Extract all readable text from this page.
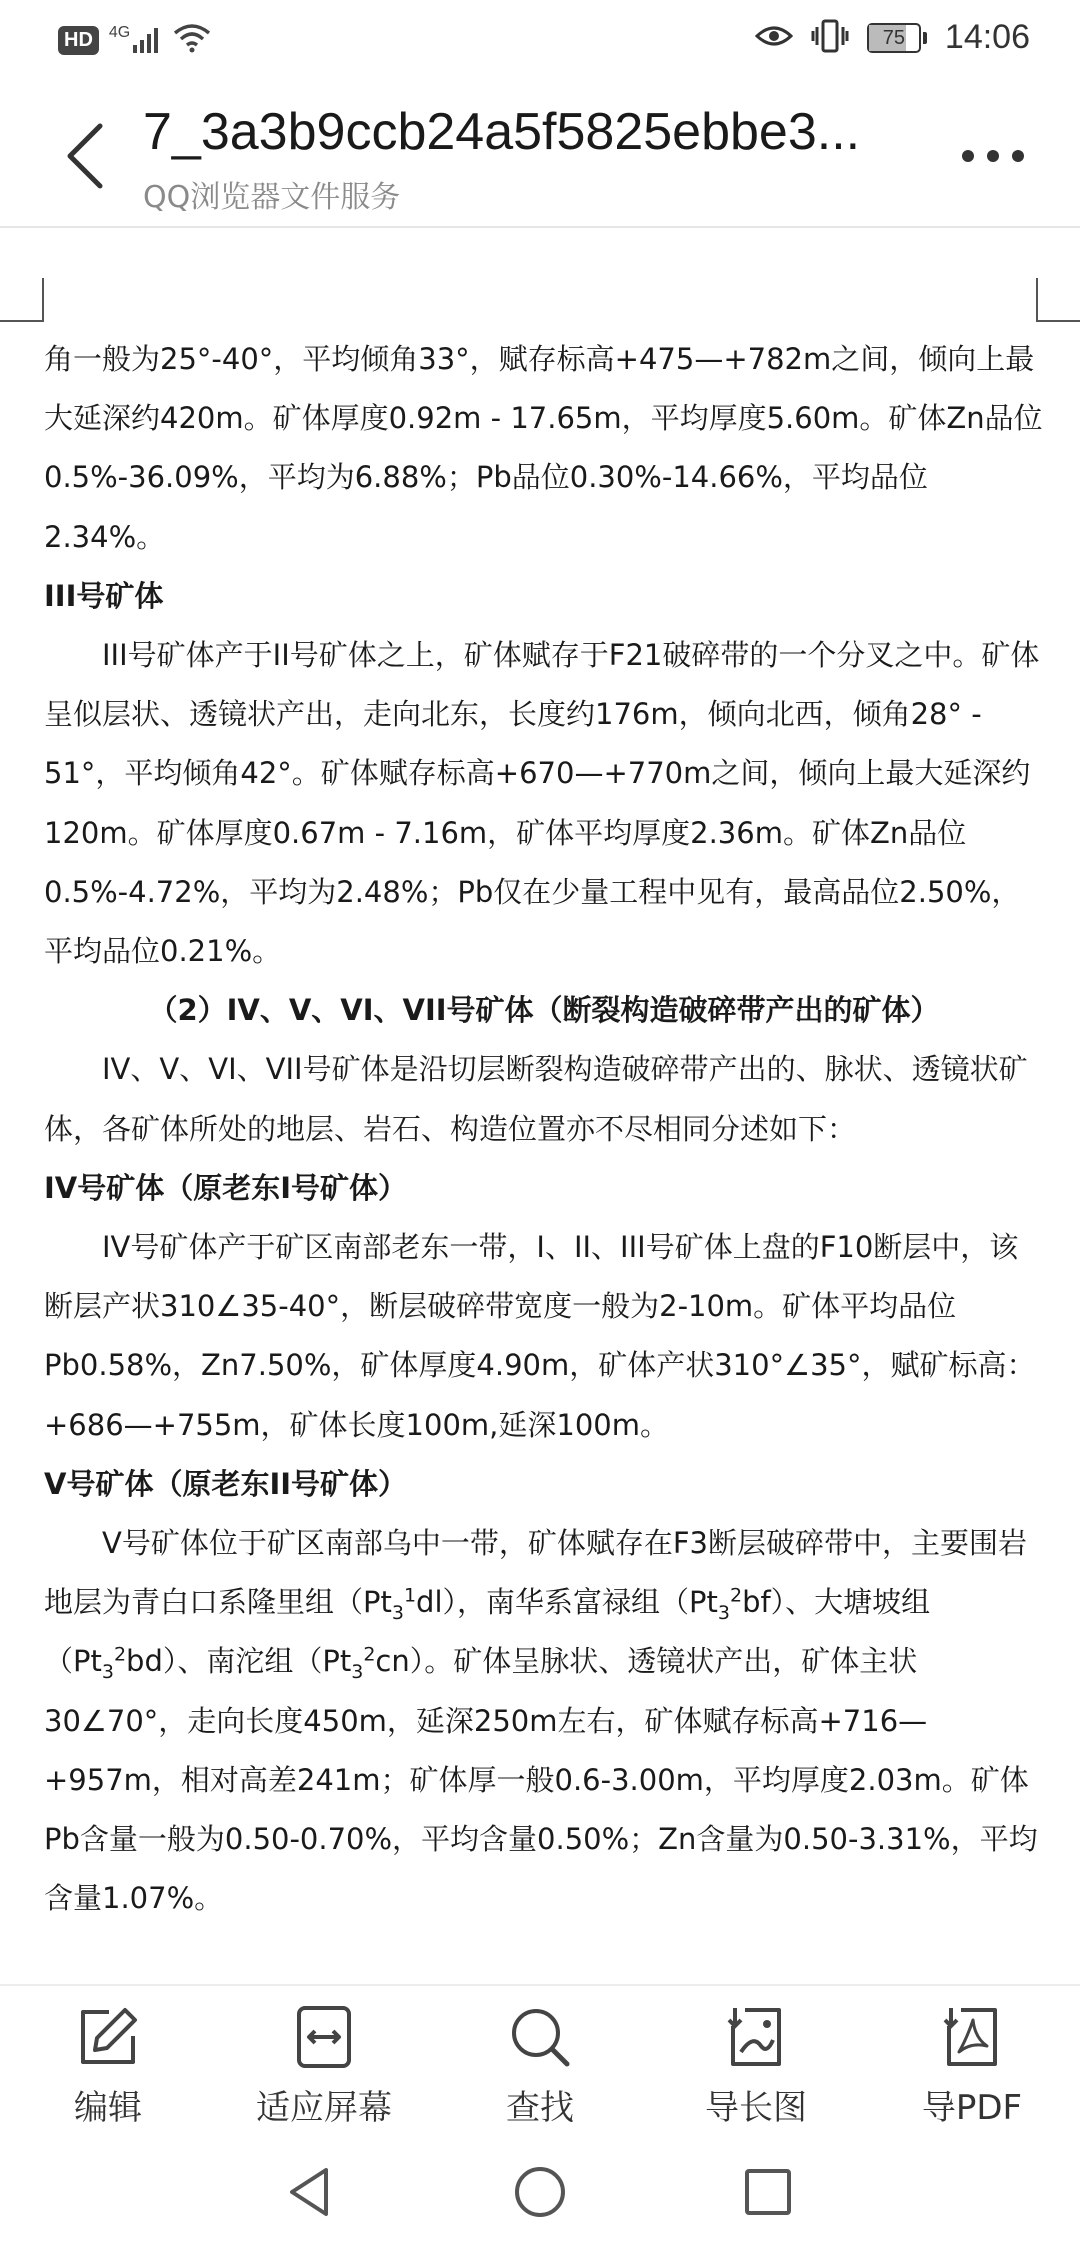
HD	4G	75	14:06
7_3a3b9ccb24a5f5825ebbe3...
QQ浏览器文件服务

角一般为25°-40°，平均倾角33°，赋存标高+475—+782m之间，倾向上最大延深约420m。矿体厚度0.92m - 17.65m，平均厚度5.60m。矿体Zn品位0.5%-36.09%，平均为6.88%；Pb品位0.30%-14.66%，平均品位2.34%。

III号矿体

III号矿体产于II号矿体之上，矿体赋存于F21破碎带的一个分叉之中。矿体呈似层状、透镜状产出，走向北东，长度约176m，倾向北西，倾角28° - 51°，平均倾角42°。矿体赋存标高+670—+770m之间，倾向上最大延深约120m。矿体厚度0.67m - 7.16m，矿体平均厚度2.36m。矿体Zn品位0.5%-4.72%，平均为2.48%；Pb仅在少量工程中见有，最高品位2.50%，平均品位0.21%。

（2）IV、V、VI、VII号矿体（断裂构造破碎带产出的矿体）

IV、V、VI、VII号矿体是沿切层断裂构造破碎带产出的、脉状、透镜状矿体，各矿体所处的地层、岩石、构造位置亦不尽相同分述如下：

IV号矿体（原老东I号矿体）

IV号矿体产于矿区南部老东一带，I、II、III号矿体上盘的F10断层中，该断层产状310∠35-40°，断层破碎带宽度一般为2-10m。矿体平均品位Pb0.58%，Zn7.50%，矿体厚度4.90m，矿体产状310°∠35°，赋矿标高：+686—+755m，矿体长度100m,延深100m。

V号矿体（原老东II号矿体）

V号矿体位于矿区南部乌中一带，矿体赋存在F3断层破碎带中，主要围岩地层为青白口系隆里组$(Pt_3^1dl)$，南华系富禄组$(Pt_3^2bf)$、大塘坡组$(Pt_3^2bd)$、南沱组$(Pt_3^2cn)$。矿体呈脉状、透镜状产出，矿体主状30∠70°，走向长度450m，延深250m左右，矿体赋存标高+716—+957m，相对高差241m；矿体厚一般0.6-3.00m，平均厚度2.03m。矿体Pb含量一般为0.50-0.70%，平均含量0.50%；Zn含量为0.50-3.31%，平均含量1.07%。

编辑	适应屏幕	查找	导长图	导PDF
